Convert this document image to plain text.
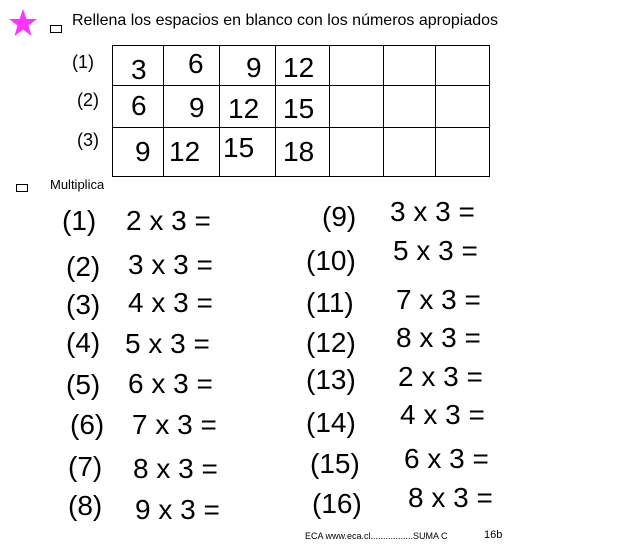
Rellena los espacios en blanco con los números apropiados
(1)
(2)
(3)
3 6 9 12
6 9 12 15
9 12 15 18
Multiplica
(1) 2 x 3 =
(2) 3 x 3 =
(3) 4 x 3 =
(4) 5 x 3 =
(5) 6 x 3 =
(6) 7 x 3 =
(7) 8 x 3 =
(8) 9 x 3 =
(9) 3 x 3 =
(10) 5 x 3 =
(11) 7 x 3 =
(12) 8 x 3 =
(13) 2 x 3 =
(14) 4 x 3 =
(15) 6 x 3 =
(16) 8 x 3 =
ECA www.eca.cl.................SUMA C	16b
